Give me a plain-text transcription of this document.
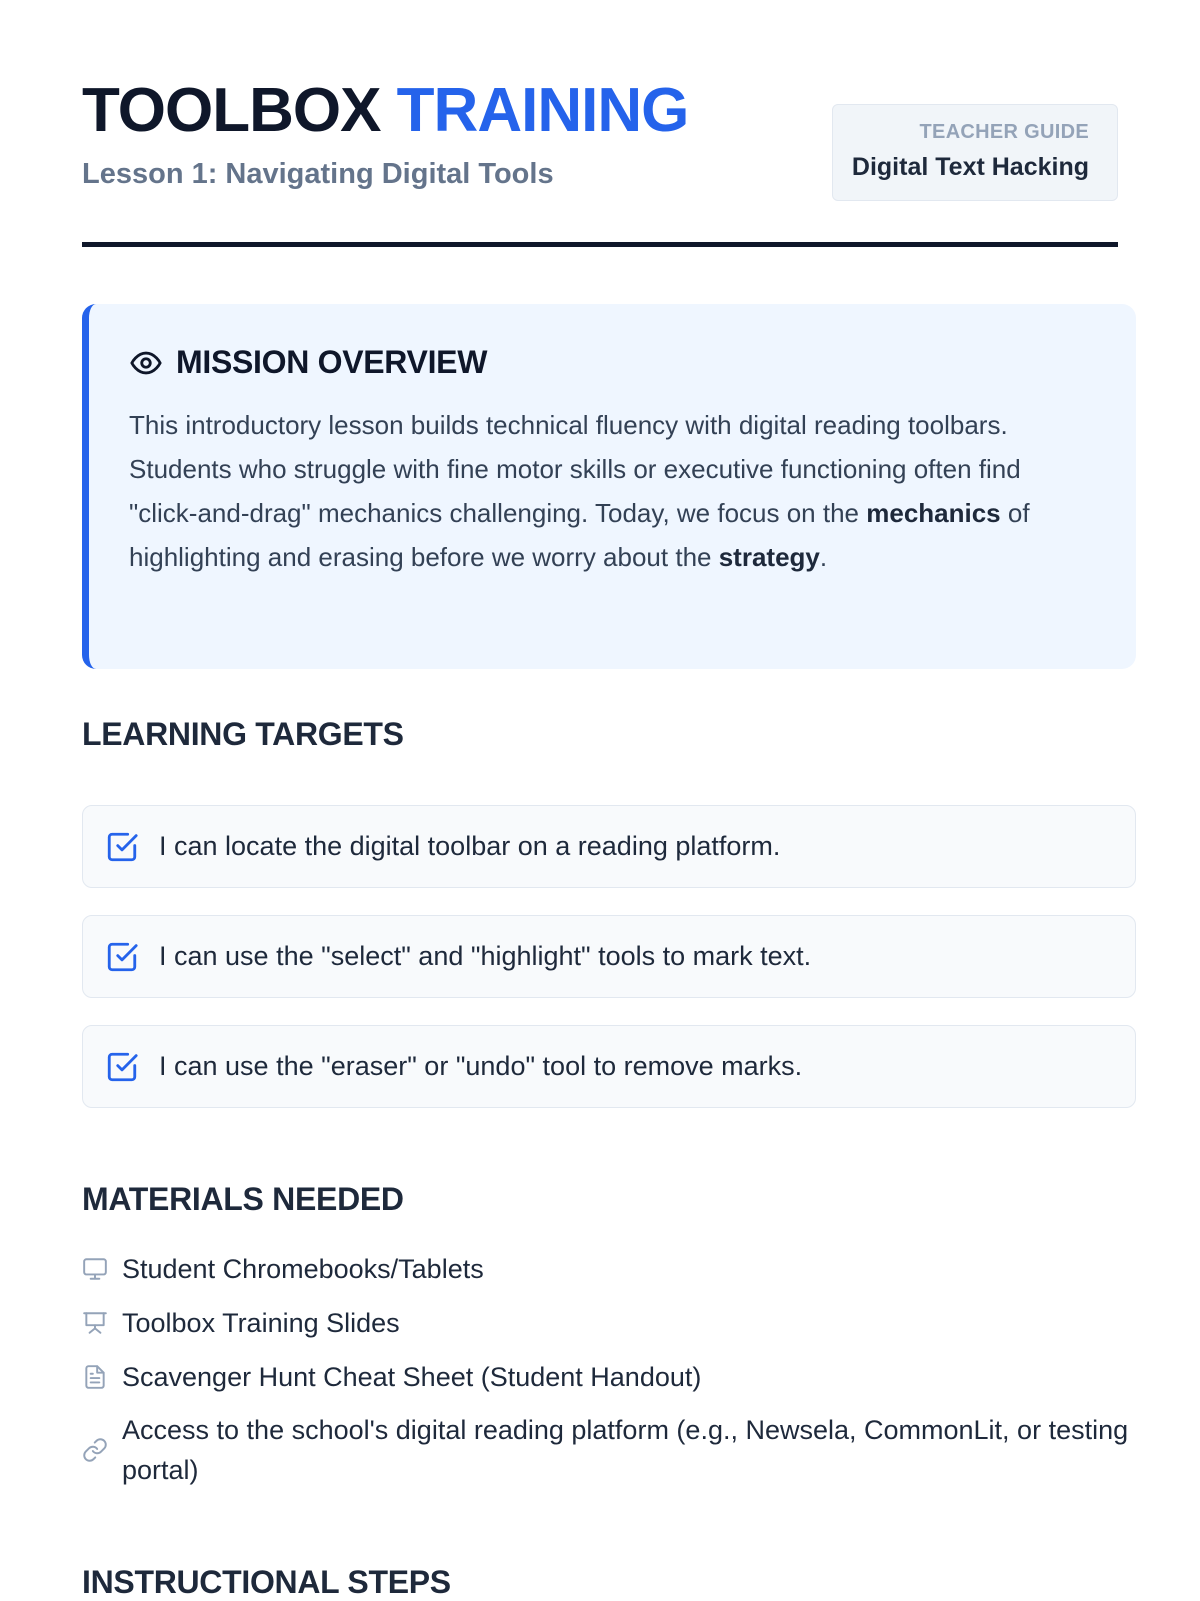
TOOLBOX TRAINING
Lesson 1: Navigating Digital Tools
TEACHER GUIDE
Digital Text Hacking
MISSION OVERVIEW

This introductory lesson builds technical fluency with digital reading toolbars. Students who struggle with fine motor skills or executive functioning often find "click-and-drag" mechanics challenging. Today, we focus on the mechanics of highlighting and erasing before we worry about the strategy.

LEARNING TARGETS
I can locate the digital toolbar on a reading platform.
I can use the "select" and "highlight" tools to mark text.
I can use the "eraser" or "undo" tool to remove marks.
MATERIALS NEEDED
Student Chromebooks/Tablets
Toolbox Training Slides
Scavenger Hunt Cheat Sheet (Student Handout)
Access to the school's digital reading platform (e.g., Newsela, CommonLit, or testing portal)
INSTRUCTIONAL STEPS
